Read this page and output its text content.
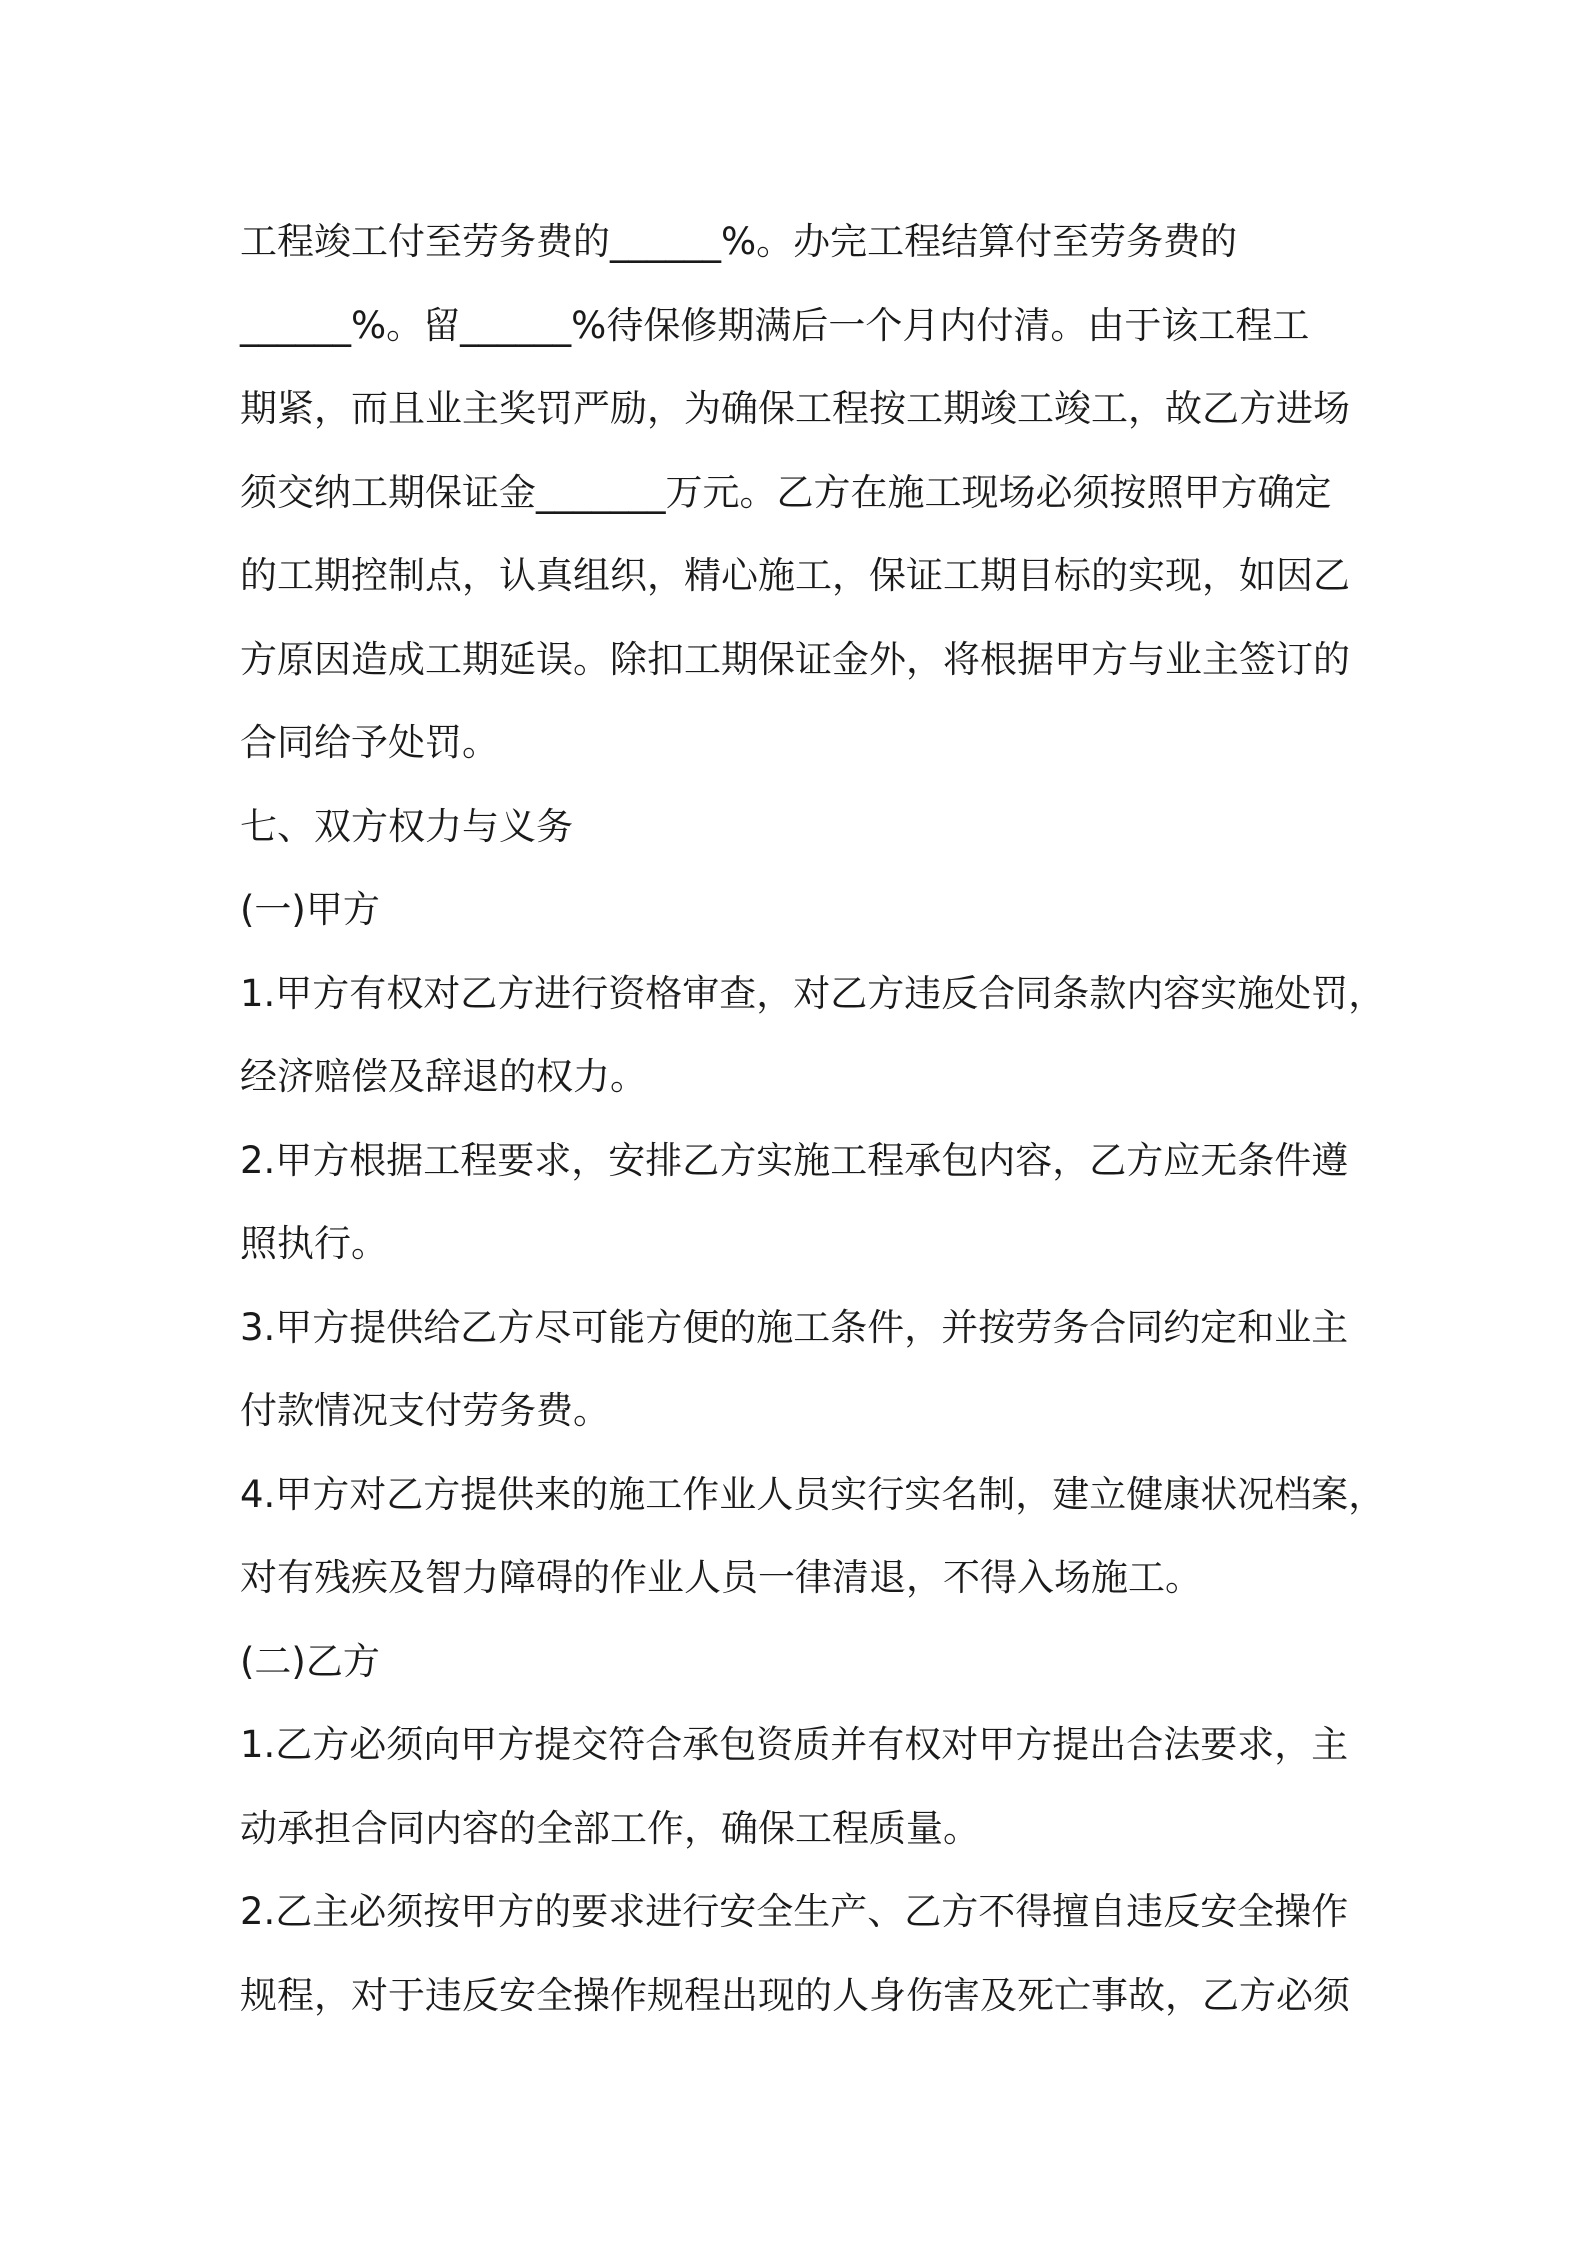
工程竣工付至劳务费的______%。办完工程结算付至劳务费的
______%。留______%待保修期满后一个月内付清。由于该工程工
期紧，而且业主奖罚严励，为确保工程按工期竣工竣工，故乙方进场
须交纳工期保证金_______万元。乙方在施工现场必须按照甲方确定
的工期控制点，认真组织，精心施工，保证工期目标的实现，如因乙
方原因造成工期延误。除扣工期保证金外，将根据甲方与业主签订的
合同给予处罚。
七、双方权力与义务
(一)甲方
1.甲方有权对乙方进行资格审查，对乙方违反合同条款内容实施处罚，
经济赔偿及辞退的权力。
2.甲方根据工程要求，安排乙方实施工程承包内容，乙方应无条件遵
照执行。
3.甲方提供给乙方尽可能方便的施工条件，并按劳务合同约定和业主
付款情况支付劳务费。
4.甲方对乙方提供来的施工作业人员实行实名制，建立健康状况档案，
对有残疾及智力障碍的作业人员一律清退，不得入场施工。
(二)乙方
1.乙方必须向甲方提交符合承包资质并有权对甲方提出合法要求，主
动承担合同内容的全部工作，确保工程质量。
2.乙主必须按甲方的要求进行安全生产、乙方不得擅自违反安全操作
规程，对于违反安全操作规程出现的人身伤害及死亡事故，乙方必须
